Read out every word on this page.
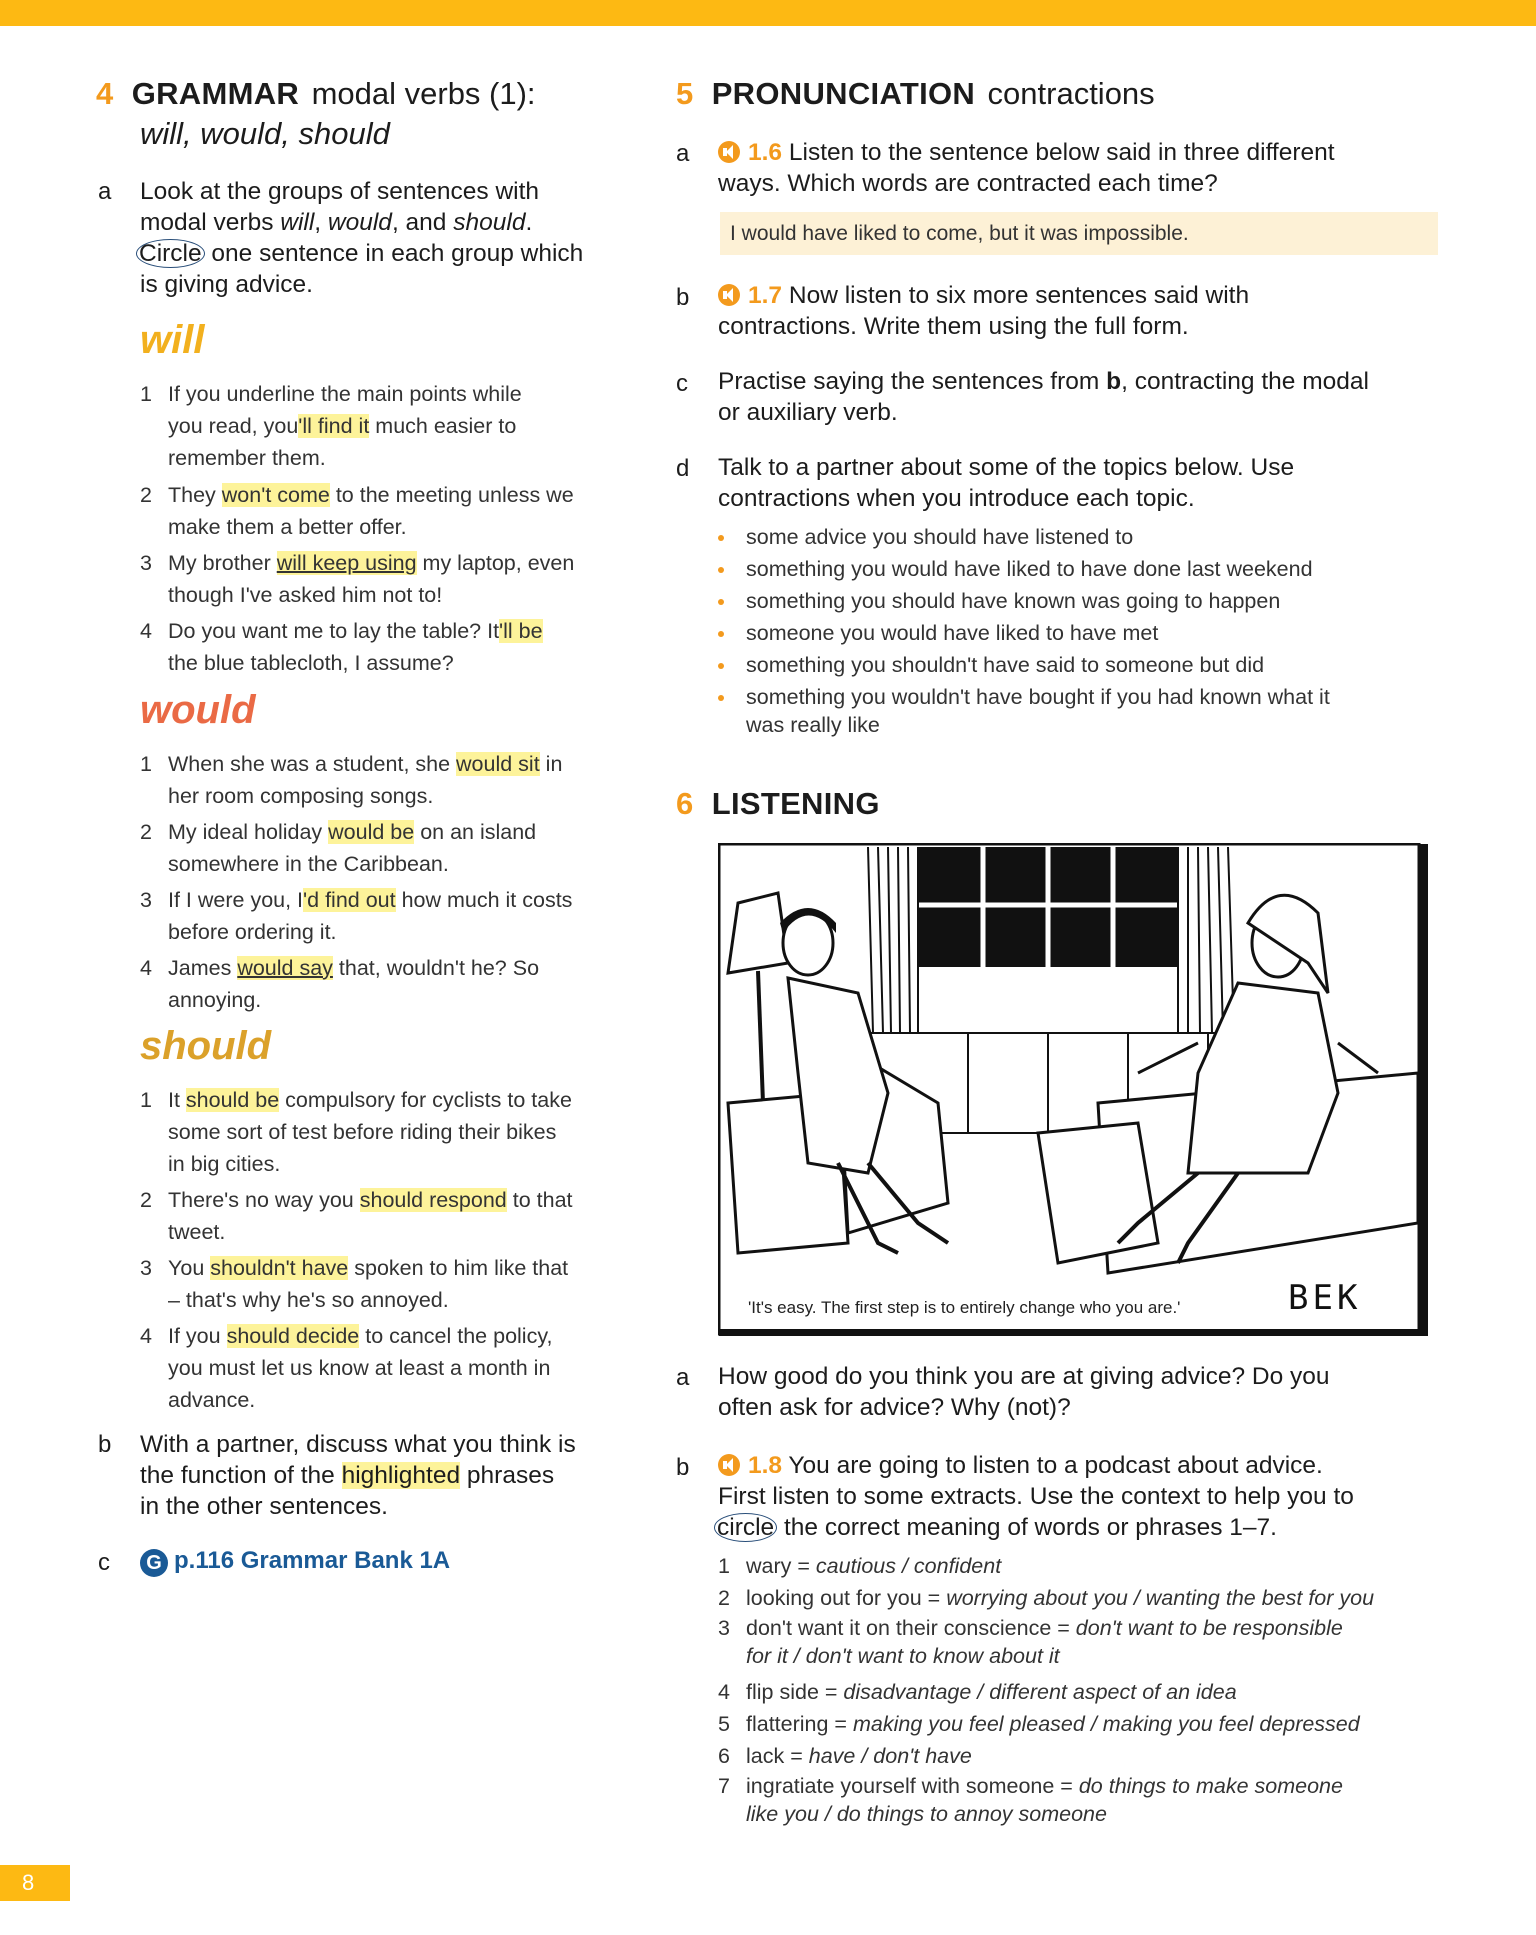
4 GRAMMAR modal verbs (1):
will, would, should
a Look at the groups of sentences with
modal verbs will, would, and should.
Circle one sentence in each group which
is giving advice.
will
1 If you underline the main points while
you read, you'll find it much easier to
remember them.
2 They won't come to the meeting unless we
make them a better offer.
3 My brother will keep using my laptop, even
though I've asked him not to!
4 Do you want me to lay the table? It'll be
the blue tablecloth, I assume?
would
1 When she was a student, she would sit in
her room composing songs.
2 My ideal holiday would be on an island
somewhere in the Caribbean.
3 If I were you, I'd find out how much it costs
before ordering it.
4 James would say that, wouldn't he? So
annoying.
should
1 It should be compulsory for cyclists to take
some sort of test before riding their bikes
in big cities.
2 There's no way you should respond to that
tweet.
3 You shouldn't have spoken to him like that
– that's why he's so annoyed.
4 If you should decide to cancel the policy,
you must let us know at least a month in
advance.
b With a partner, discuss what you think is
the function of the highlighted phrases
in the other sentences.
c	G p.116 Grammar Bank 1A
5 PRONUNCIATION contractions
a	1.6 Listen to the sentence below said in three different
ways. Which words are contracted each time?
I would have liked to come, but it was impossible.
b	1.7 Now listen to six more sentences said with
contractions. Write them using the full form.
c Practise saying the sentences from b, contracting the modal
or auxiliary verb.
d Talk to a partner about some of the topics below. Use
contractions when you introduce each topic.
some advice you should have listened to
something you would have liked to have done last weekend
something you should have known was going to happen
someone you would have liked to have met
something you shouldn't have said to someone but did
something you wouldn't have bought if you had known what it
was really like
6 LISTENING
'It's easy. The first step is to entirely change who you are.'	BEK
a How good do you think you are at giving advice? Do you
often ask for advice? Why (not)?
b	1.8 You are going to listen to a podcast about advice.
First listen to some extracts. Use the context to help you to
circle the correct meaning of words or phrases 1–7.
1 wary = cautious / confident
2 looking out for you = worrying about you / wanting the best for you
3 don't want it on their conscience = don't want to be responsible
for it / don't want to know about it
4 flip side = disadvantage / different aspect of an idea
5 flattering = making you feel pleased / making you feel depressed
6 lack = have / don't have
7 ingratiate yourself with someone = do things to make someone
like you / do things to annoy someone
8
